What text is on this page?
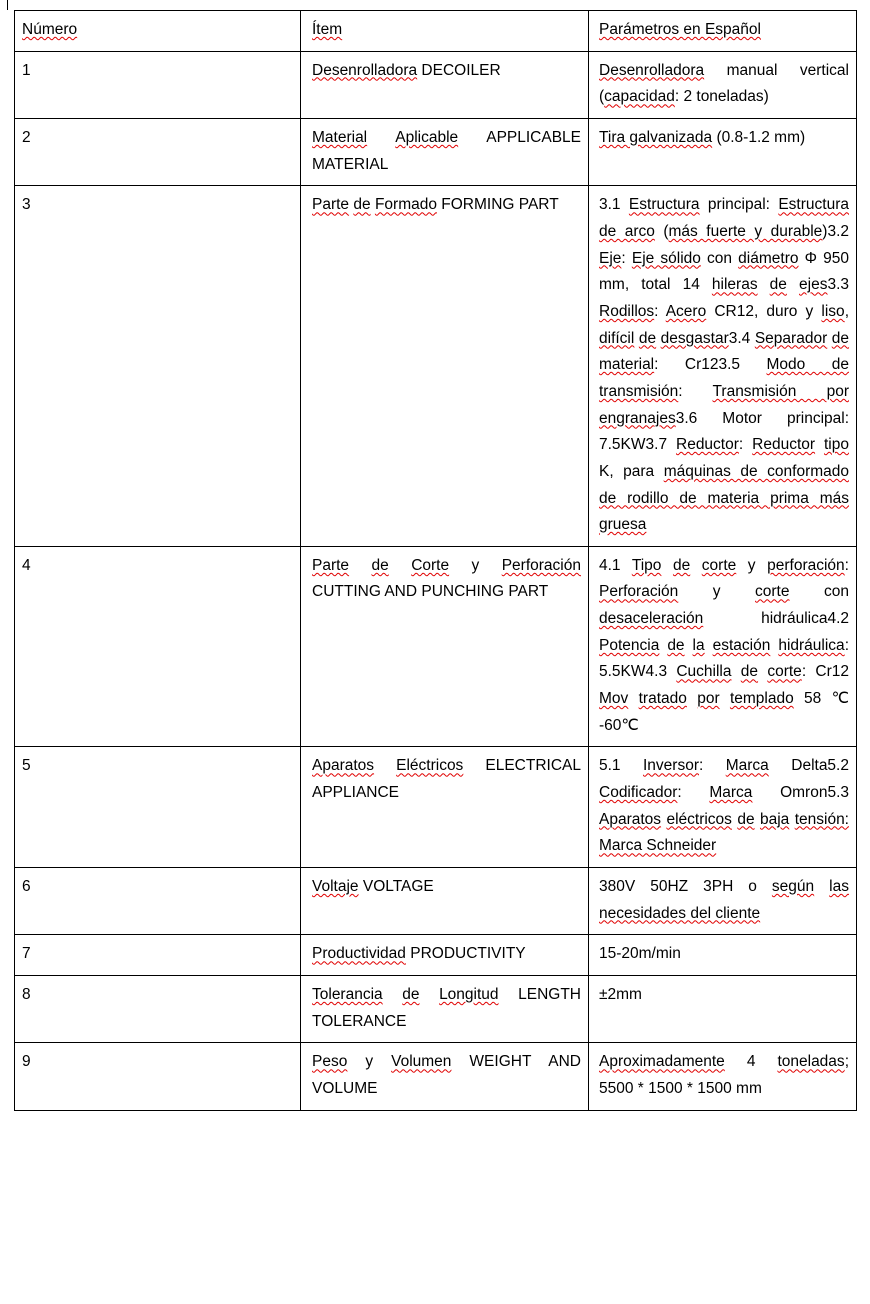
Número	Ítem	Parámetros en Español
1	Desenrolladora DECOILER	Desenrolladora manual vertical (capacidad: 2 toneladas)
2	Material Aplicable APPLICABLE MATERIAL	Tira galvanizada (0.8-1.2 mm)
3	Parte de Formado FORMING PART	3.1 Estructura principal: Estructura de arco (más fuerte y durable)3.2 Eje: Eje sólido con diámetro Φ 950 mm, total 14 hileras de ejes3.3 Rodillos: Acero CR12, duro y liso, difícil de desgastar3.4 Separador de material: Cr123.5 Modo de transmisión: Transmisión por engranajes3.6 Motor principal: 7.5KW3.7 Reductor: Reductor tipo K, para máquinas de conformado de rodillo de materia prima más gruesa
4	Parte de Corte y Perforación CUTTING AND PUNCHING PART	4.1 Tipo de corte y perforación: Perforación y corte con desaceleración hidráulica4.2 Potencia de la estación hidráulica: 5.5KW4.3 Cuchilla de corte: Cr12 Mov tratado por templado 58 ℃ -60℃
5	Aparatos Eléctricos ELECTRICAL APPLIANCE	5.1 Inversor: Marca Delta5.2 Codificador: Marca Omron5.3 Aparatos eléctricos de baja tensión: Marca Schneider
6	Voltaje VOLTAGE	380V 50HZ 3PH o según las necesidades del cliente
7	Productividad PRODUCTIVITY	15-20m/min
8	Tolerancia de Longitud LENGTH TOLERANCE	±2mm
9	Peso y Volumen WEIGHT AND VOLUME	Aproximadamente 4 toneladas; 5500 * 1500 * 1500 mm
